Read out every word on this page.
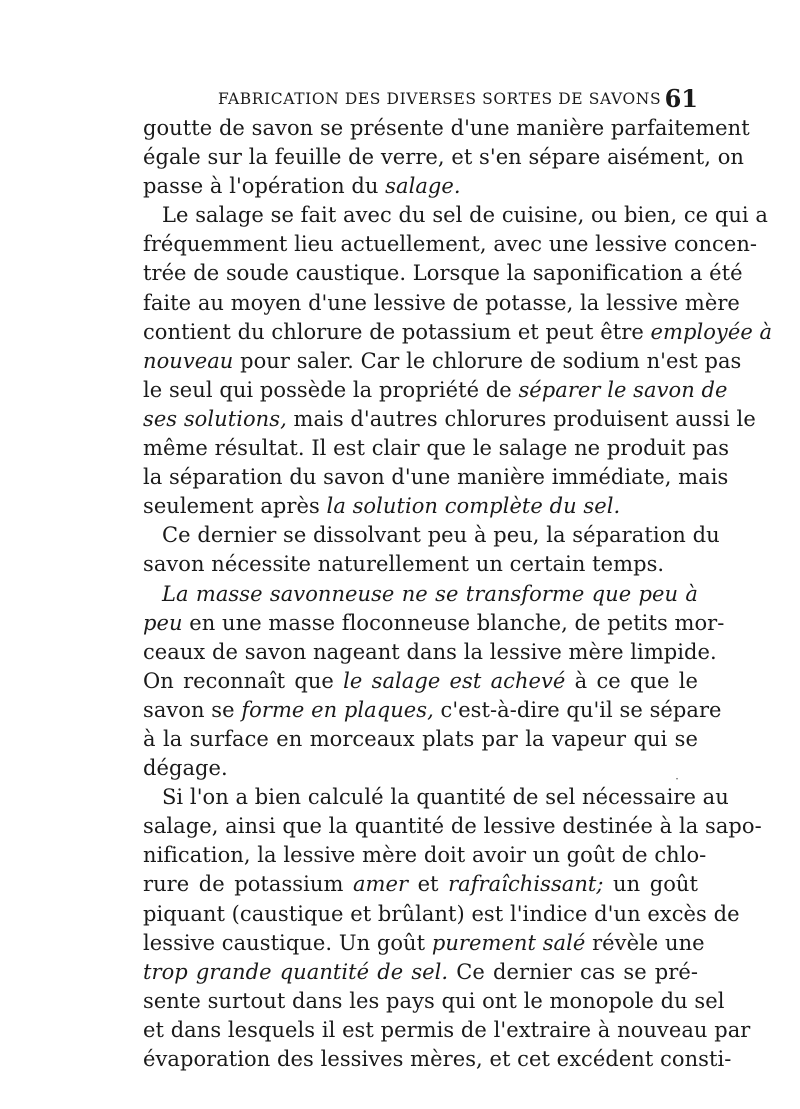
FABRICATION DES DIVERSES SORTES DE SAVONS 61
goutte de savon se présente d'une manière parfaitement
égale sur la feuille de verre, et s'en sépare aisément, on
passe à l'opération du salage.
Le salage se fait avec du sel de cuisine, ou bien, ce qui a
fréquemment lieu actuellement, avec une lessive concen-
trée de soude caustique. Lorsque la saponification a été
faite au moyen d'une lessive de potasse, la lessive mère
contient du chlorure de potassium et peut être employée à
nouveau pour saler. Car le chlorure de sodium n'est pas
le seul qui possède la propriété de séparer le savon de
ses solutions, mais d'autres chlorures produisent aussi le
même résultat. Il est clair que le salage ne produit pas
la séparation du savon d'une manière immédiate, mais
seulement après la solution complète du sel.
Ce dernier se dissolvant peu à peu, la séparation du
savon nécessite naturellement un certain temps.
La masse savonneuse ne se transforme que peu à
peu en une masse floconneuse blanche, de petits mor-
ceaux de savon nageant dans la lessive mère limpide.
On reconnaît que le salage est achevé à ce que le
savon se forme en plaques, c'est-à-dire qu'il se sépare
à la surface en morceaux plats par la vapeur qui se
dégage.	·
Si l'on a bien calculé la quantité de sel nécessaire au
salage, ainsi que la quantité de lessive destinée à la sapo-
nification, la lessive mère doit avoir un goût de chlo-
rure de potassium amer et rafraîchissant; un goût
piquant (caustique et brûlant) est l'indice d'un excès de
lessive caustique. Un goût purement salé révèle une
trop grande quantité de sel. Ce dernier cas se pré-
sente surtout dans les pays qui ont le monopole du sel
et dans lesquels il est permis de l'extraire à nouveau par
évaporation des lessives mères, et cet excédent consti-
